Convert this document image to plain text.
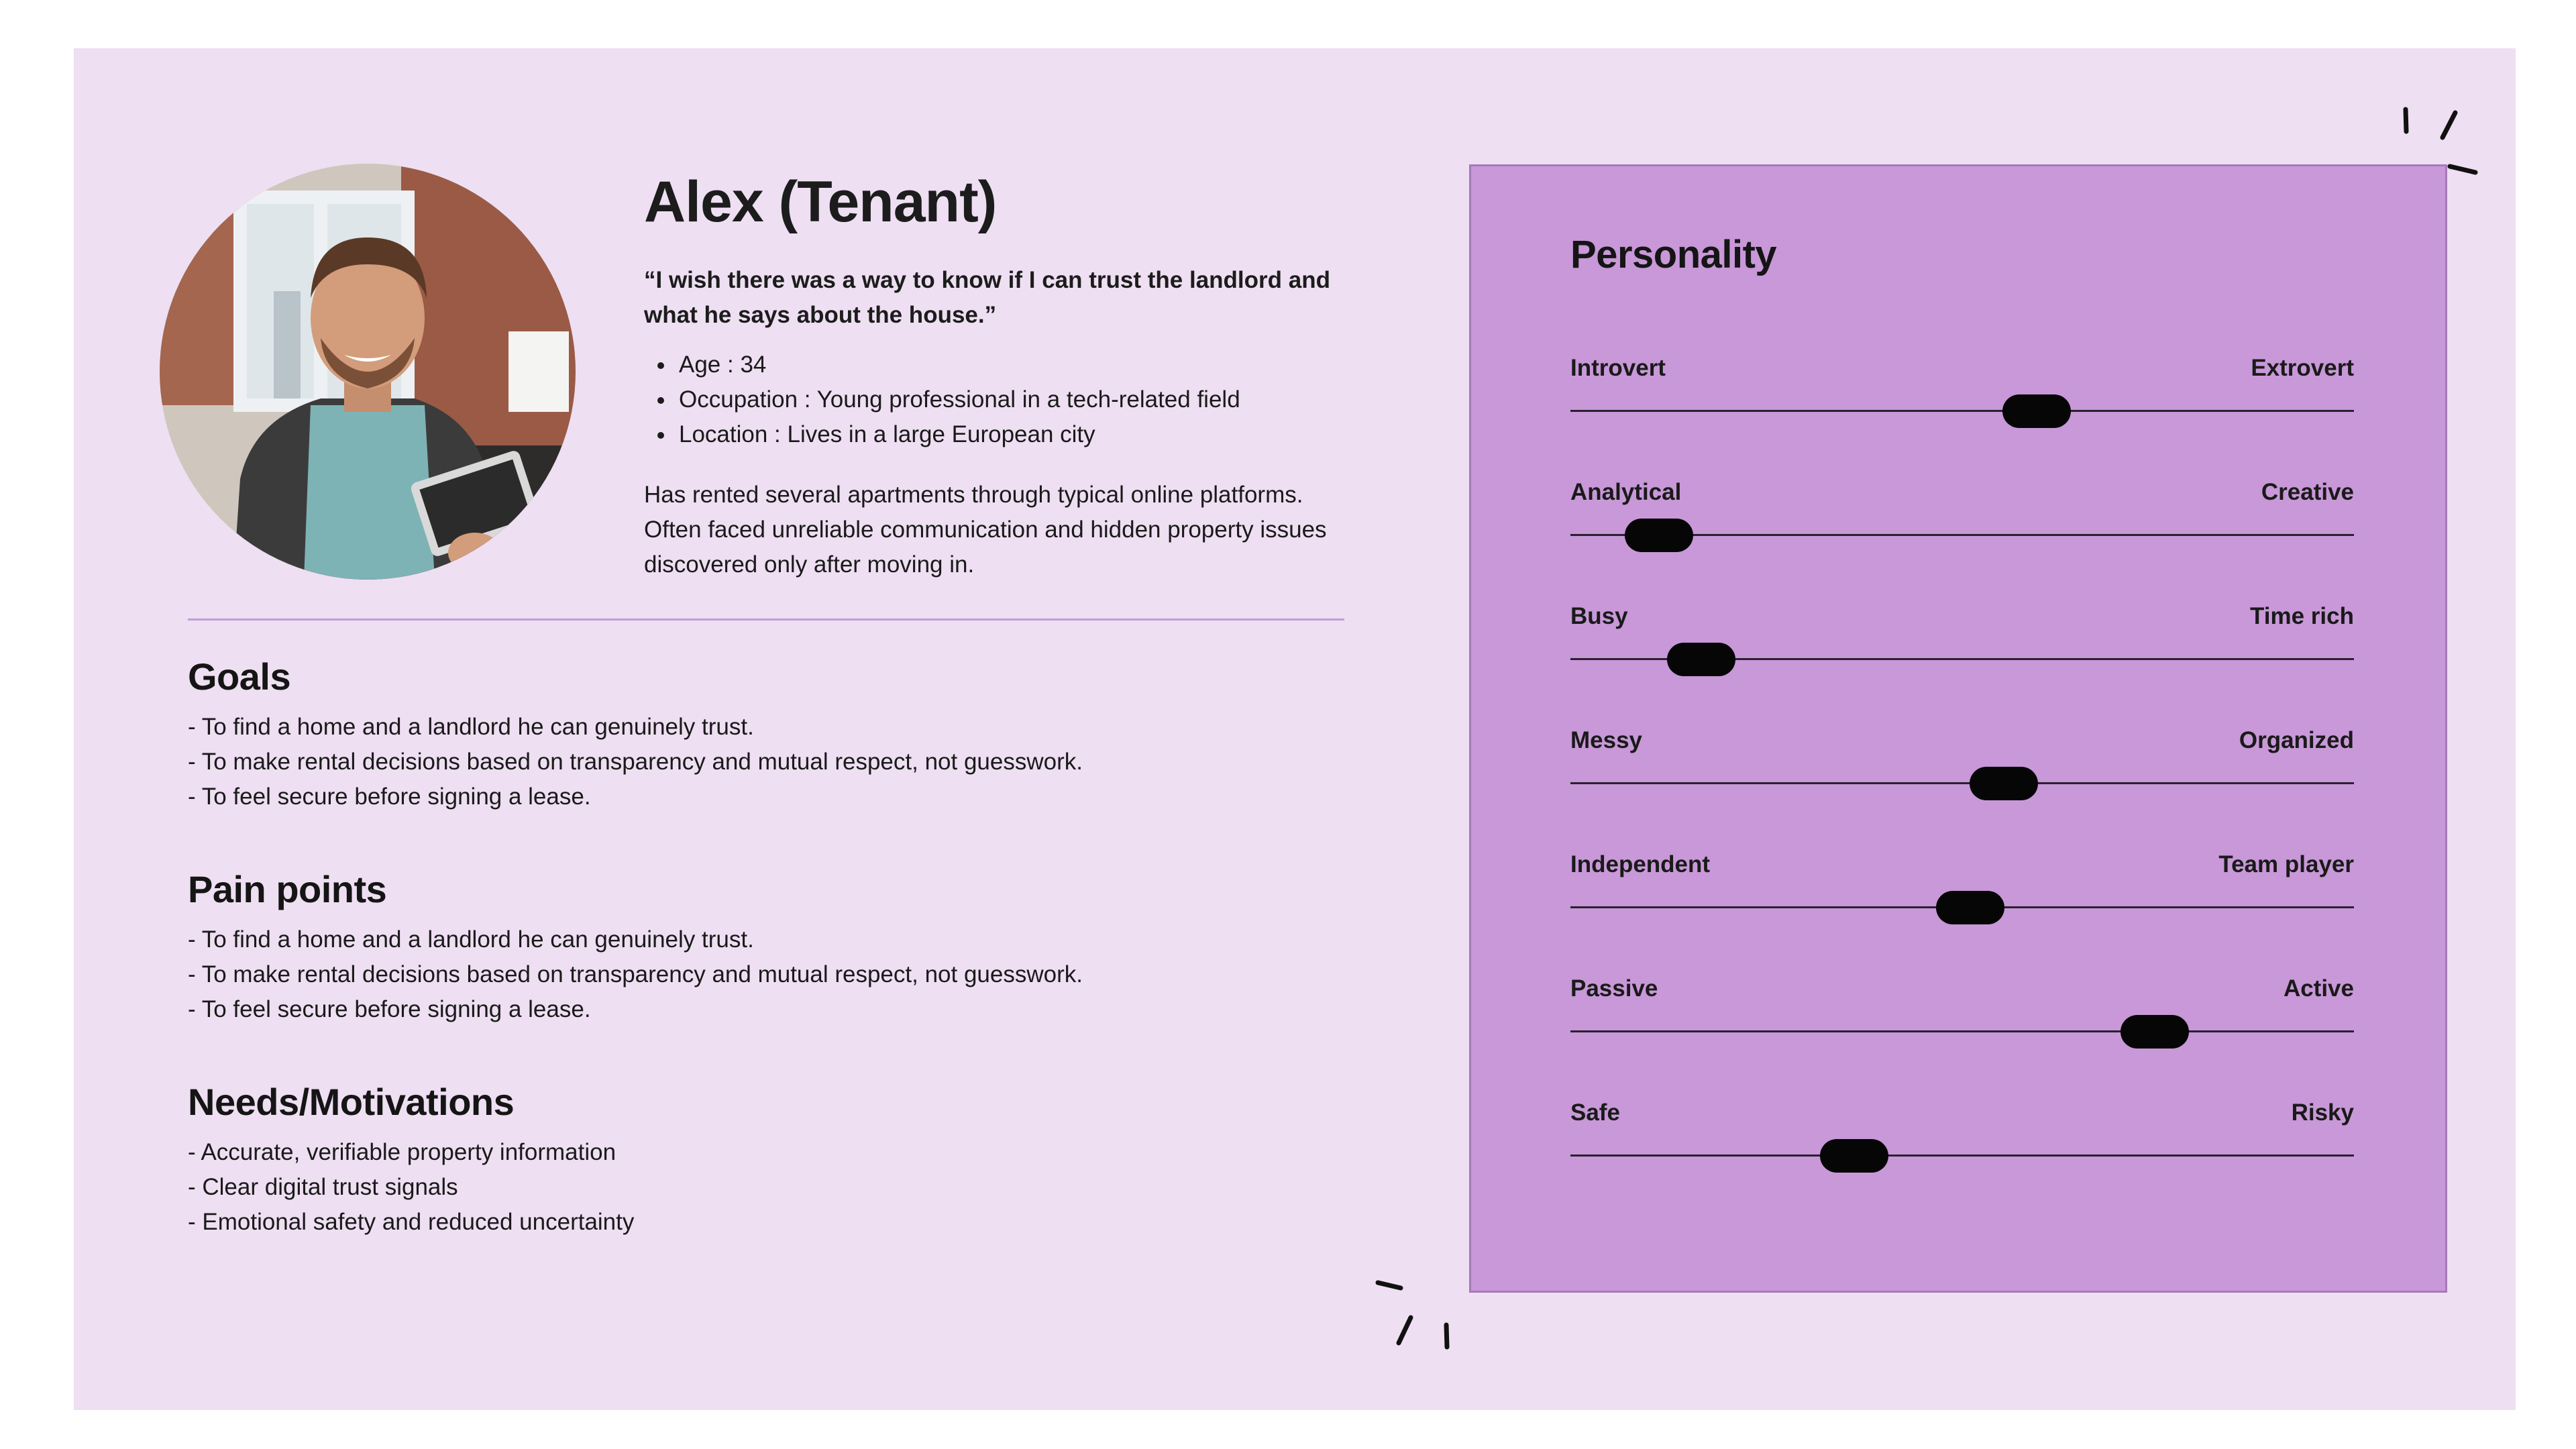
Alex (Tenant)
“I wish there was a way to know if I can trust the landlord and what he says about the house.”
Age : 34
Occupation : Young professional in a tech-related field
Location : Lives in a large European city
Has rented several apartments through typical online platforms. Often faced unreliable communication and hidden property issues discovered only after moving in.
Goals
- To find a home and a landlord he can genuinely trust.
- To make rental decisions based on transparency and mutual respect, not guesswork.
- To feel secure before signing a lease.
Pain points
- To find a home and a landlord he can genuinely trust.
- To make rental decisions based on transparency and mutual respect, not guesswork.
- To feel secure before signing a lease.
Needs/Motivations
- Accurate, verifiable property information
- Clear digital trust signals
- Emotional safety and reduced uncertainty
Personality
Introvert	Extrovert
Analytical	Creative
Busy	Time rich
Messy	Organized
Independent	Team player
Passive	Active
Safe	Risky
